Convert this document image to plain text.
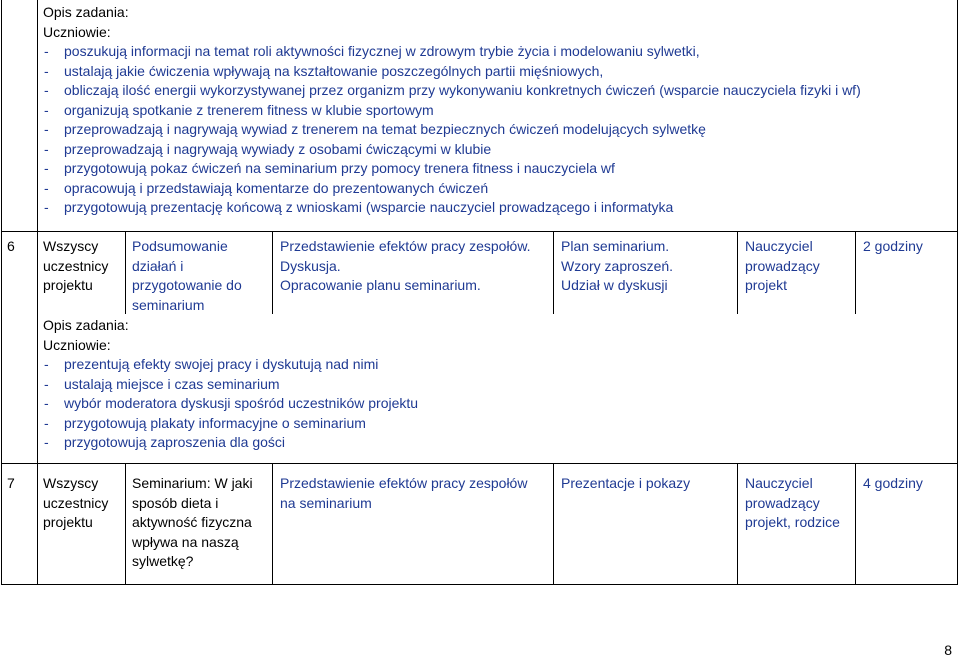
Opis zadania:
Uczniowie:
- poszukują informacji na temat roli aktywności fizycznej w zdrowym trybie życia i modelowaniu sylwetki,
- ustalają jakie ćwiczenia wpływają na kształtowanie poszczególnych partii mięśniowych,
- obliczają ilość energii wykorzystywanej przez organizm przy wykonywaniu konkretnych ćwiczeń (wsparcie nauczyciela fizyki i wf)
- organizują spotkanie z trenerem fitness w klubie sportowym
- przeprowadzają i nagrywają wywiad z trenerem na temat bezpiecznych ćwiczeń modelujących sylwetkę
- przeprowadzają i nagrywają wywiady z osobami ćwiczącymi w klubie
- przygotowują pokaz ćwiczeń na seminarium przy pomocy trenera fitness i nauczyciela wf
- opracowują i przedstawiają komentarze do prezentowanych ćwiczeń
- przygotowują prezentację końcową z wnioskami (wsparcie nauczyciel prowadzącego i informatyka
6 Wszyscy
uczestnicy
projektu
Podsumowanie
działań i
przygotowanie do
seminarium
Przedstawienie efektów pracy zespołów.
Dyskusja.
Opracowanie planu seminarium.
Plan seminarium.
Wzory zaproszeń.
Udział w dyskusji
Nauczyciel
prowadzący
projekt
2 godziny
Opis zadania:
Uczniowie:
- prezentują efekty swojej pracy i dyskutują nad nimi
- ustalają miejsce i czas seminarium
- wybór moderatora dyskusji spośród uczestników projektu
- przygotowują plakaty informacyjne o seminarium
- przygotowują zaproszenia dla gości
7 Wszyscy
uczestnicy
projektu
Seminarium: W jaki
sposób dieta i
aktywność fizyczna
wpływa na naszą
sylwetkę?
Przedstawienie efektów pracy zespołów
na seminarium
Prezentacje i pokazy	Nauczyciel
prowadzący
projekt, rodzice
4 godziny
8
